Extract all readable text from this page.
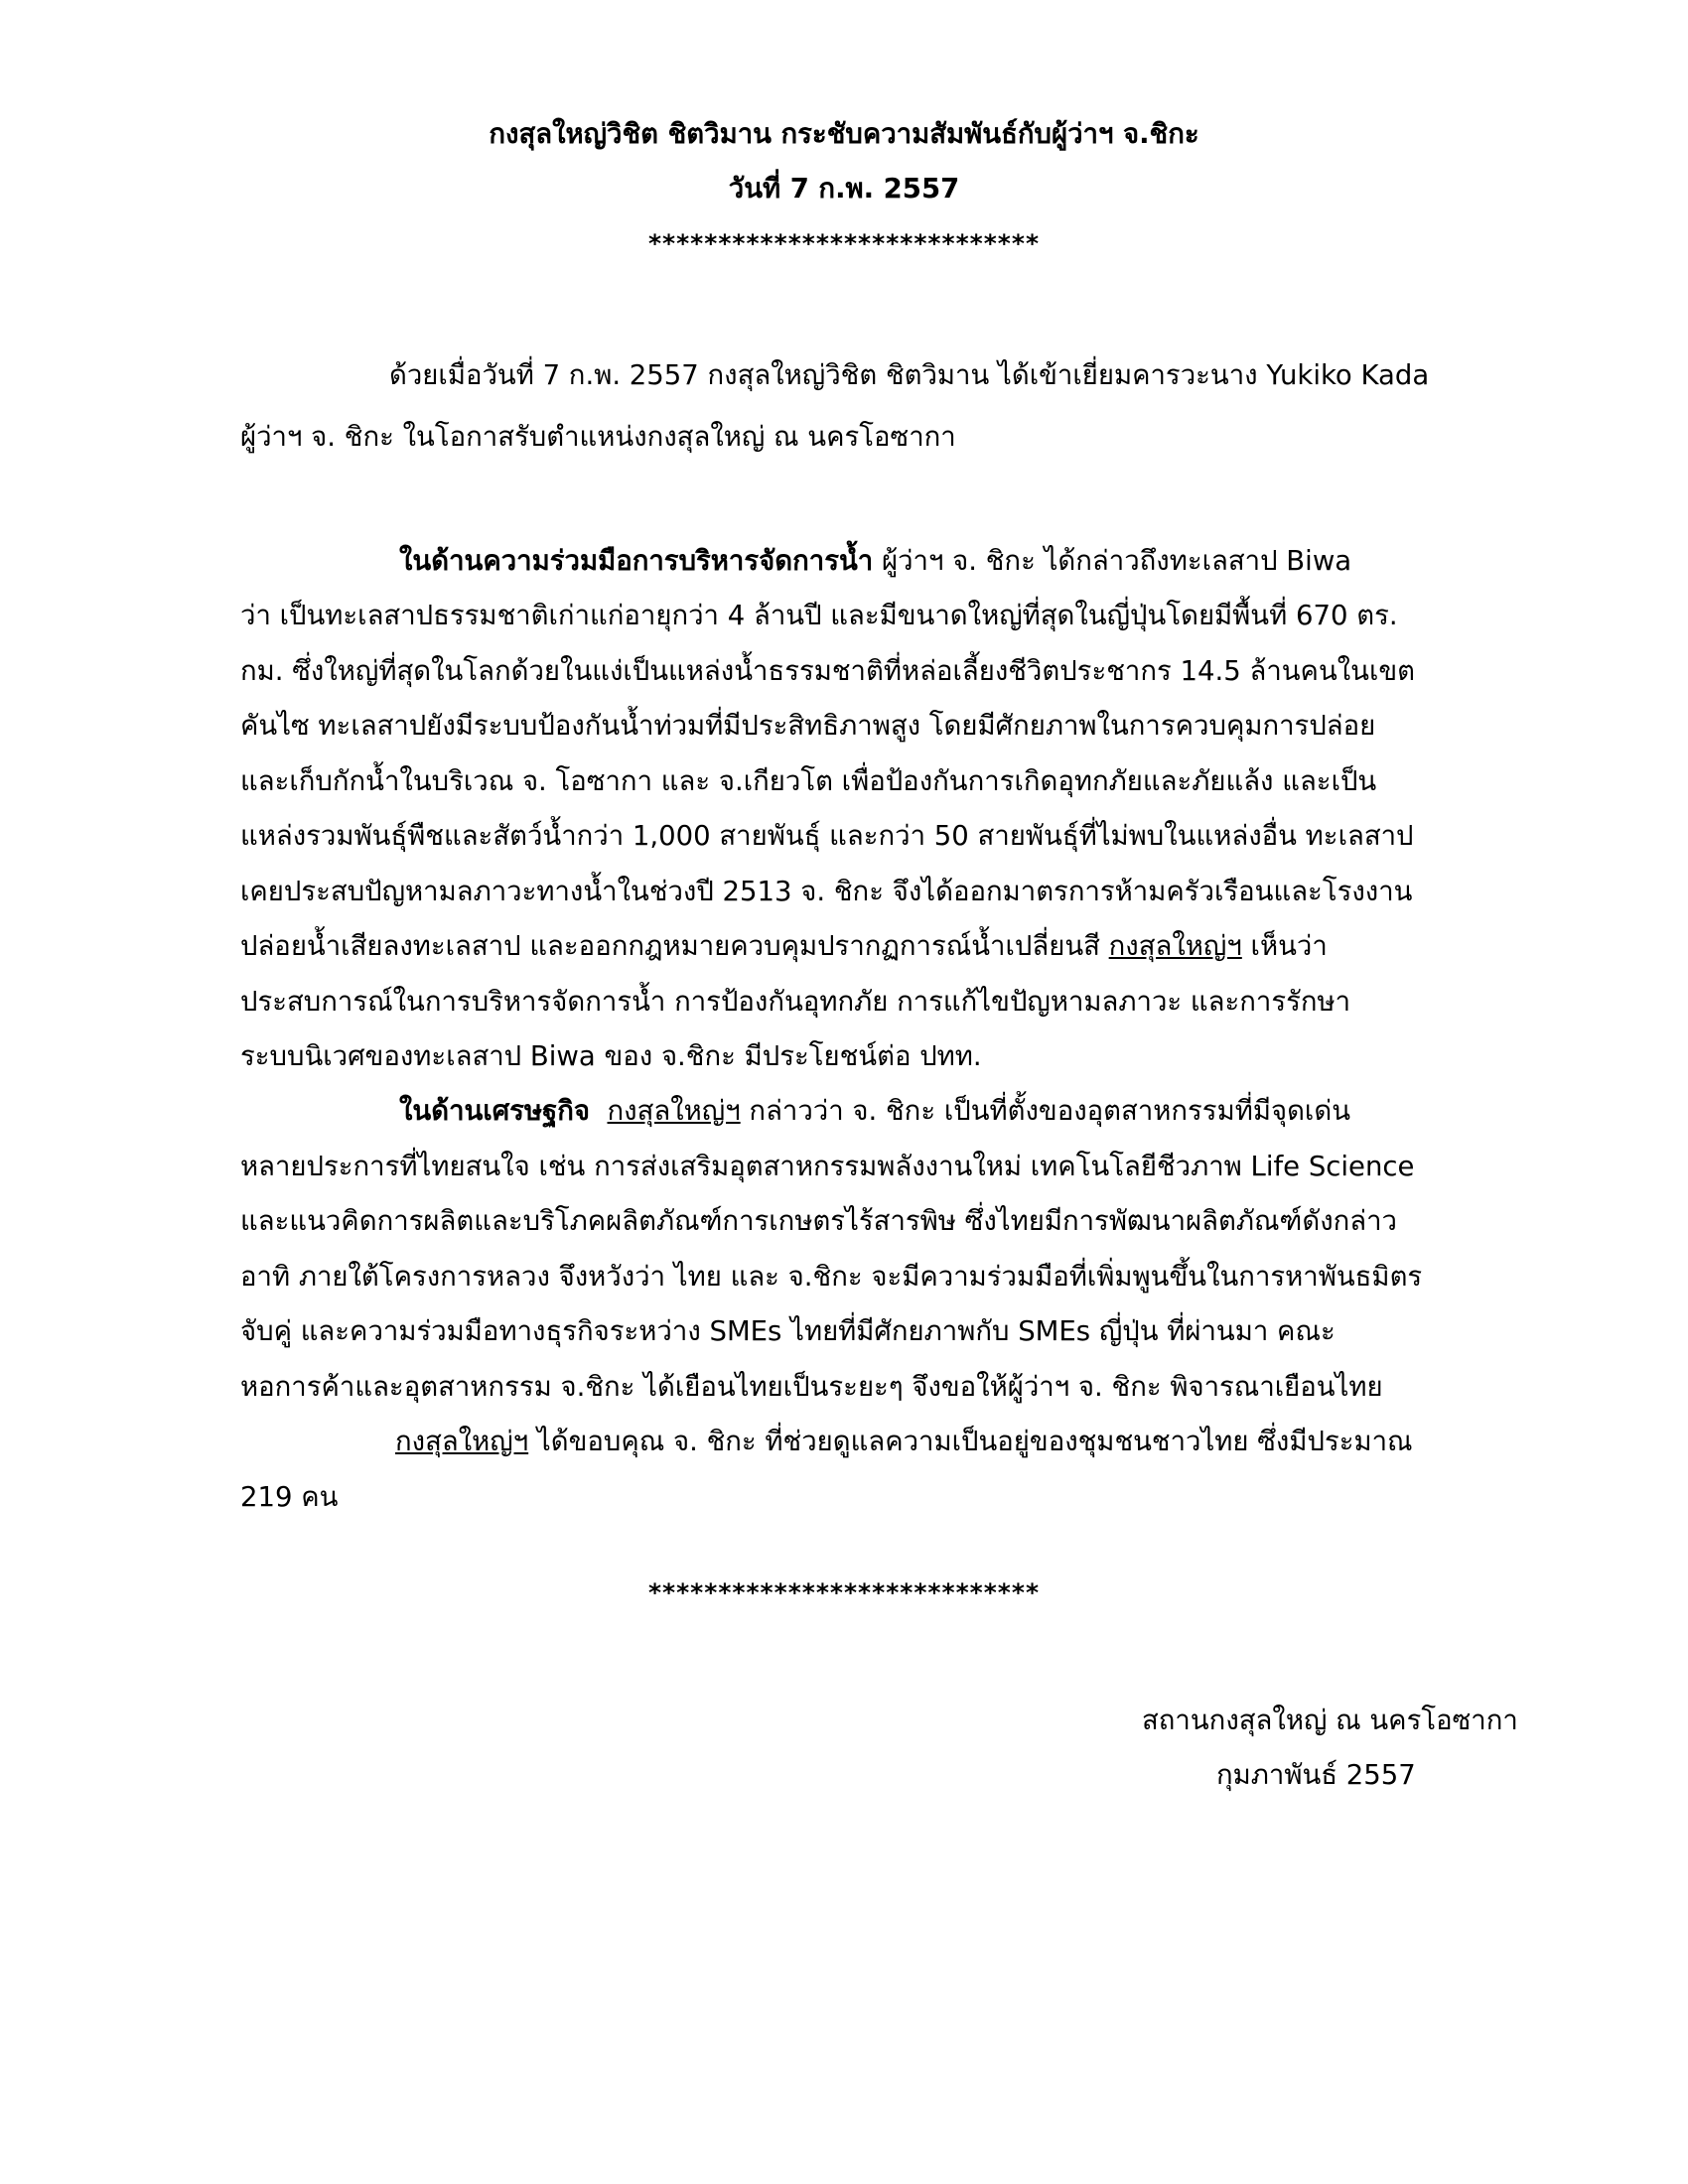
กงสุลใหญ่วิชิต ชิตวิมาน กระชับความสัมพันธ์กับผู้ว่าฯ จ.ชิกะ
วันที่ 7 ก.พ. 2557
****************************
ด้วยเมื่อวันที่ 7 ก.พ. 2557 กงสุลใหญ่วิชิต ชิตวิมาน ได้เข้าเยี่ยมคารวะนาง Yukiko Kada
ผู้ว่าฯ จ. ชิกะ ในโอกาสรับตำแหน่งกงสุลใหญ่ ณ นครโอซากา
ในด้านความร่วมมือการบริหารจัดการน้ำ ผู้ว่าฯ จ. ชิกะ ได้กล่าวถึงทะเลสาป Biwa
ว่า เป็นทะเลสาปธรรมชาติเก่าแก่อายุกว่า 4 ล้านปี และมีขนาดใหญ่ที่สุดในญี่ปุ่นโดยมีพื้นที่ 670 ตร.
กม. ซึ่งใหญ่ที่สุดในโลกด้วยในแง่เป็นแหล่งน้ำธรรมชาติที่หล่อเลี้ยงชีวิตประชากร 14.5 ล้านคนในเขต
คันไซ ทะเลสาปยังมีระบบป้องกันน้ำท่วมที่มีประสิทธิภาพสูง โดยมีศักยภาพในการควบคุมการปล่อย
และเก็บกักน้ำในบริเวณ จ. โอซากา และ จ.เกียวโต เพื่อป้องกันการเกิดอุทกภัยและภัยแล้ง และเป็น
แหล่งรวมพันธุ์พืชและสัตว์น้ำกว่า 1,000 สายพันธุ์ และกว่า 50 สายพันธุ์ที่ไม่พบในแหล่งอื่น ทะเลสาป
เคยประสบปัญหามลภาวะทางน้ำในช่วงปี 2513 จ. ชิกะ จึงได้ออกมาตรการห้ามครัวเรือนและโรงงาน
ปล่อยน้ำเสียลงทะเลสาป และออกกฎหมายควบคุมปรากฏการณ์น้ำเปลี่ยนสี กงสุลใหญ่ฯ เห็นว่า
ประสบการณ์ในการบริหารจัดการน้ำ การป้องกันอุทกภัย การแก้ไขปัญหามลภาวะ และการรักษา
ระบบนิเวศของทะเลสาป Biwa ของ จ.ชิกะ มีประโยชน์ต่อ ปทท.
ในด้านเศรษฐกิจ กงสุลใหญ่ฯ กล่าวว่า จ. ชิกะ เป็นที่ตั้งของอุตสาหกรรมที่มีจุดเด่น
หลายประการที่ไทยสนใจ เช่น การส่งเสริมอุตสาหกรรมพลังงานใหม่ เทคโนโลยีชีวภาพ Life Science
และแนวคิดการผลิตและบริโภคผลิตภัณฑ์การเกษตรไร้สารพิษ ซึ่งไทยมีการพัฒนาผลิตภัณฑ์ดังกล่าว
อาทิ ภายใต้โครงการหลวง จึงหวังว่า ไทย และ จ.ชิกะ จะมีความร่วมมือที่เพิ่มพูนขึ้นในการหาพันธมิตร
จับคู่ และความร่วมมือทางธุรกิจระหว่าง SMEs ไทยที่มีศักยภาพกับ SMEs ญี่ปุ่น ที่ผ่านมา คณะ
หอการค้าและอุตสาหกรรม จ.ชิกะ ได้เยือนไทยเป็นระยะๆ จึงขอให้ผู้ว่าฯ จ. ชิกะ พิจารณาเยือนไทย
กงสุลใหญ่ฯ ได้ขอบคุณ จ. ชิกะ ที่ช่วยดูแลความเป็นอยู่ของชุมชนชาวไทย ซึ่งมีประมาณ
219 คน
****************************
สถานกงสุลใหญ่ ณ นครโอซากา
กุมภาพันธ์ 2557
